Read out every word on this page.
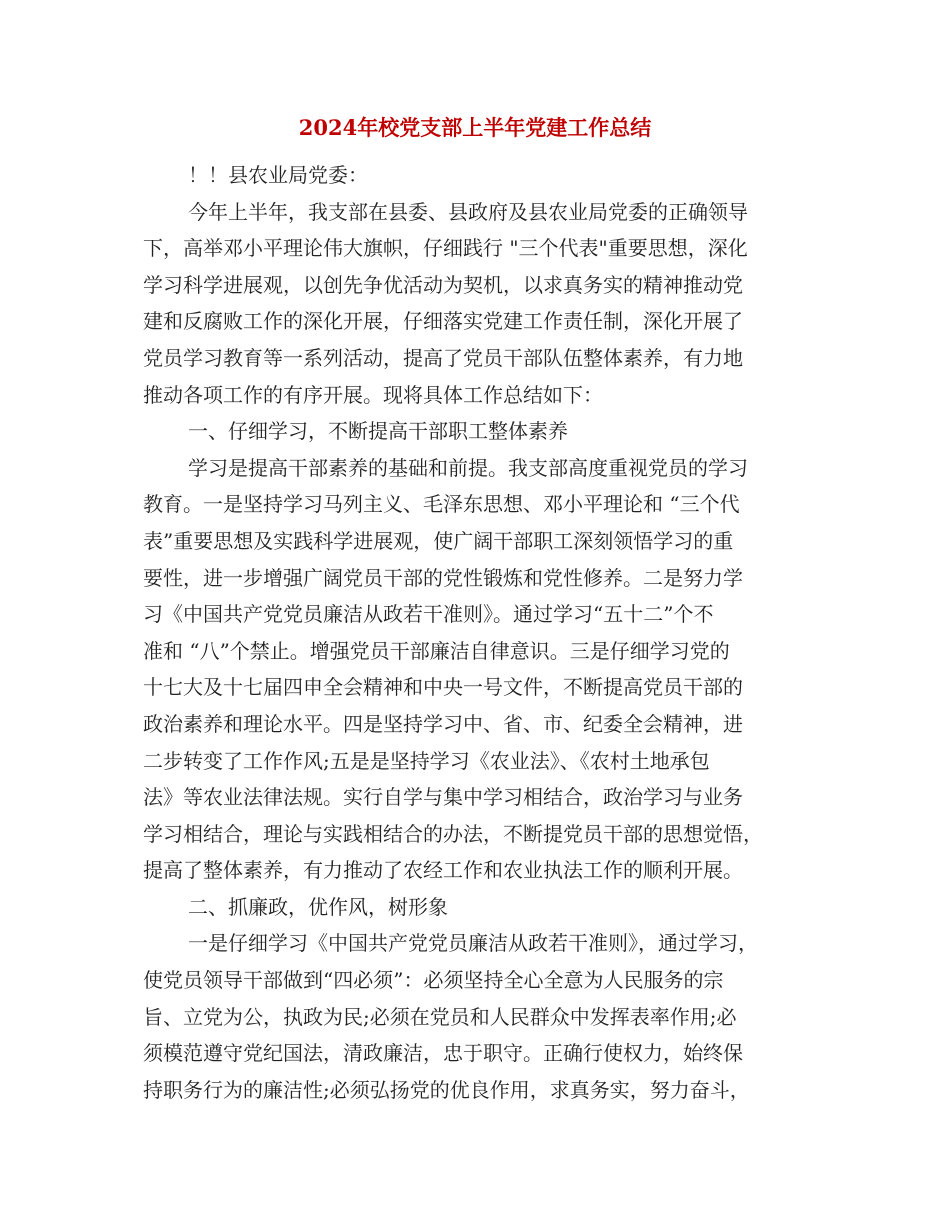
2024年校党支部上半年党建工作总结
！！县农业局党委：
今年上半年，我支部在县委、县政府及县农业局党委的正确领导
下，高举邓小平理论伟大旗帜，仔细践行 "三个代表"重要思想，深化
学习科学进展观，以创先争优活动为契机，以求真务实的精神推动党
建和反腐败工作的深化开展，仔细落实党建工作责任制，深化开展了
党员学习教育等一系列活动，提高了党员干部队伍整体素养，有力地
推动各项工作的有序开展。现将具体工作总结如下：
一、仔细学习，不断提高干部职工整体素养
学习是提高干部素养的基础和前提。我支部高度重视党员的学习
教育。一是坚持学习马列主义、毛泽东思想、邓小平理论和 “三个代
表”重要思想及实践科学进展观，使广阔干部职工深刻领悟学习的重
要性，进一步增强广阔党员干部的党性锻炼和党性修养。二是努力学
习《中国共产党党员廉洁从政若干准则》。通过学习“五十二”个不
准和 “八”个禁止。增强党员干部廉洁自律意识。三是仔细学习党的
十七大及十七届四申全会精神和中央一号文件，不断提高党员干部的
政治素养和理论水平。四是坚持学习中、省、市、纪委全会精神，进
二步转变了工作作风;五是是坚持学习《农业法》、《农村土地承包
法》等农业法律法规。实行自学与集中学习相结合，政治学习与业务
学习相结合，理论与实践相结合的办法，不断提党员干部的思想觉悟，
提高了整体素养，有力推动了农经工作和农业执法工作的顺利开展。
二、抓廉政，优作风，树形象
一是仔细学习《中国共产党党员廉洁从政若干准则》，通过学习，
使党员领导干部做到“四必须”：必须坚持全心全意为人民服务的宗
旨、立党为公，执政为民;必须在党员和人民群众中发挥表率作用;必
须模范遵守党纪国法，清政廉洁，忠于职守。正确行使权力，始终保
持职务行为的廉洁性;必须弘扬党的优良作用，求真务实，努力奋斗，
